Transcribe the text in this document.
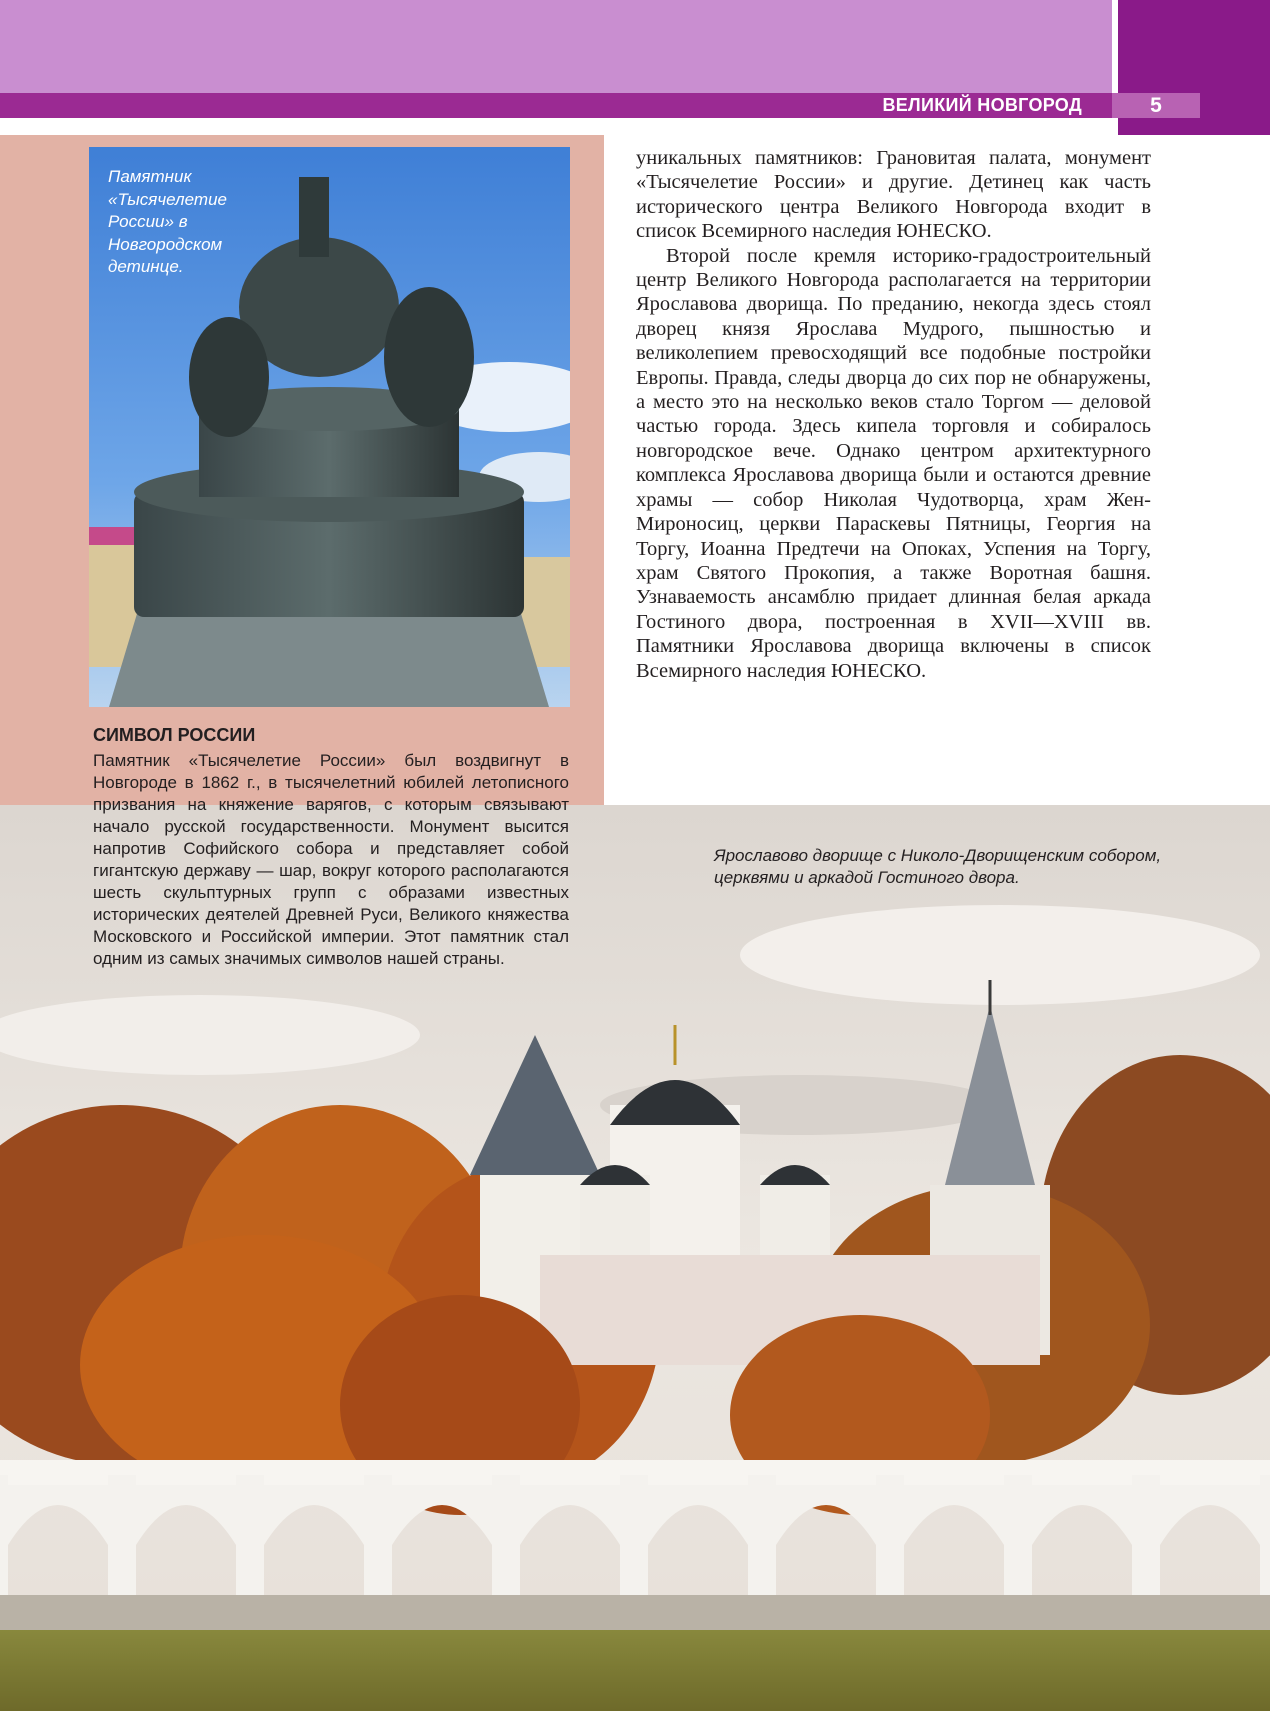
ВЕЛИКИЙ НОВГОРОД	5
Памятник «Тысячелетие России» в Новгородском детинце.
СИМВОЛ РОССИИ
Памятник «Тысячелетие России» был воздвигнут в Новгороде в 1862 г., в тысячелетний юбилей летописного призвания на княжение варягов, с которым связывают начало русской государственности. Монумент высится напротив Софийского собора и представляет собой гигантскую державу — шар, вокруг которого располагаются шесть скульптурных групп с образами известных исторических деятелей Древней Руси, Великого княжества Московского и Российской империи. Этот памятник стал одним из самых значимых символов нашей страны.

уникальных памятников: Грановитая палата, монумент «Тысячелетие России» и другие. Детинец как часть исторического центра Великого Новгорода входит в список Всемирного наследия ЮНЕСКО.

Второй после кремля историко-градостроительный центр Великого Новгорода располагается на территории Ярославова дворища. По преданию, некогда здесь стоял дворец князя Ярослава Мудрого, пышностью и великолепием превосходящий все подобные постройки Европы. Правда, следы дворца до сих пор не обнаружены, а место это на несколько веков стало Торгом — деловой частью города. Здесь кипела торговля и собиралось новгородское вече. Однако центром архитектурного комплекса Ярославова дворища были и остаются древние храмы — собор Николая Чудотворца, храм Жен-Мироносиц, церкви Параскевы Пятницы, Георгия на Торгу, Иоанна Предтечи на Опоках, Успения на Торгу, храм Святого Прокопия, а также Воротная башня. Узнаваемость ансамблю придает длинная белая аркада Гостиного двора, построенная в XVII—XVIII вв. Памятники Ярославова дворища включены в список Всемирного наследия ЮНЕСКО.

Ярославово дворище с Николо-Дворищенским собором, церквями и аркадой Гостиного двора.
